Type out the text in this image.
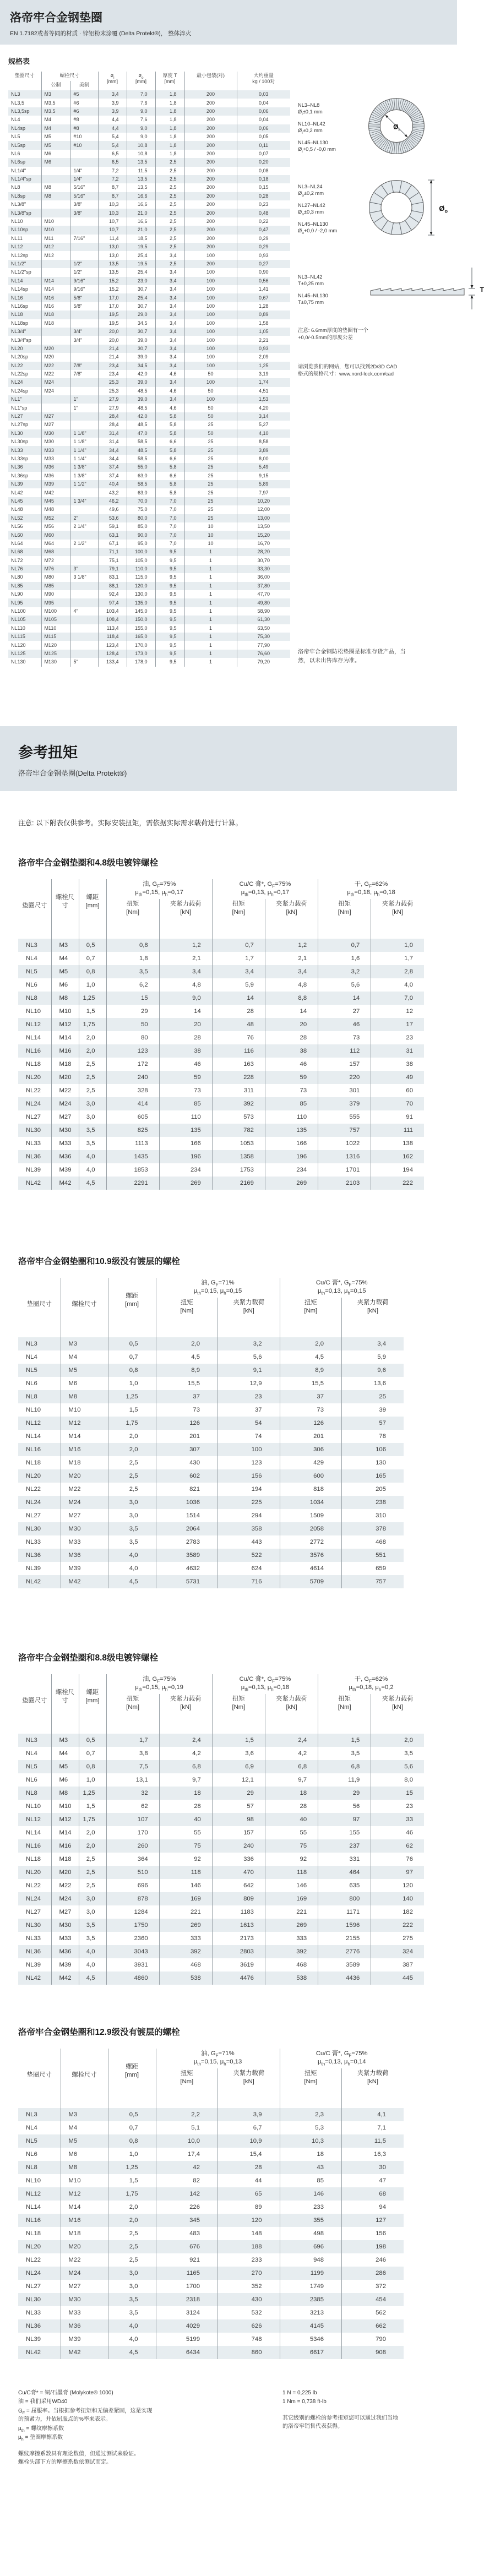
洛帝牢合金钢垫圈

EN 1.7182或者等同的材质 · 锌铝粉末涂覆 (Delta Protekt®)， 整体淬火

规格表
垫圈尺寸	螺栓尺寸		$ø_i$
[mm]	$ø_o$
[mm]	厚度 T
[mm]	最小包装(对)	大约重量
kg / 100对
	公制	美制					
NL3	M3	#5	3,4	7,0	1,8	200	0,03
NL3,5	M3,5	#6	3,9	7,6	1,8	200	0,04
NL3,5sp	M3,5	#6	3,9	9,0	1,8	200	0,06
NL4	M4	#8	4,4	7,6	1,8	200	0,04
NL4sp	M4	#8	4,4	9,0	1,8	200	0,06
NL5	M5	#10	5,4	9,0	1,8	200	0,05
NL5sp	M5	#10	5,4	10,8	1,8	200	0,11
NL6	M6		6,5	10,8	1,8	200	0,07
NL6sp	M6		6,5	13,5	2,5	200	0,20
NL1/4"		1/4"	7,2	11,5	2,5	200	0,08
NL1/4"sp		1/4"	7,2	13,5	2,5	200	0,18
NL8	M8	5/16"	8,7	13,5	2,5	200	0,15
NL8sp	M8	5/16"	8,7	16,6	2,5	200	0,28
NL3/8"		3/8"	10,3	16,6	2,5	200	0,23
NL3/8"sp		3/8"	10,3	21,0	2,5	200	0,48
NL10	M10		10,7	16,6	2,5	200	0,22
NL10sp	M10		10,7	21,0	2,5	200	0,47
NL11	M11	7/16"	11,4	18,5	2,5	200	0,29
NL12	M12		13,0	19,5	2,5	200	0,29
NL12sp	M12		13,0	25,4	3,4	100	0,93
NL1/2"		1/2"	13,5	19,5	2,5	200	0,27
NL1/2"sp		1/2"	13,5	25,4	3,4	100	0,90
NL14	M14	9/16"	15,2	23,0	3,4	100	0,56
NL14sp	M14	9/16"	15,2	30,7	3,4	100	1,41
NL16	M16	5/8"	17,0	25,4	3,4	100	0,67
NL16sp	M16	5/8"	17,0	30,7	3,4	100	1,28
NL18	M18		19,5	29,0	3,4	100	0,89
NL18sp	M18		19,5	34,5	3,4	100	1,58
NL3/4"		3/4"	20,0	30,7	3,4	100	1,05
NL3/4"sp		3/4"	20,0	39,0	3,4	100	2,21
NL20	M20		21,4	30,7	3,4	100	0,93
NL20sp	M20		21,4	39,0	3,4	100	2,09
NL22	M22	7/8"	23,4	34,5	3,4	100	1,25
NL22sp	M22	7/8"	23,4	42,0	4,6	50	3,19
NL24	M24		25,3	39,0	3,4	100	1,74
NL24sp	M24		25,3	48,5	4,6	50	4,51
NL1"		1"	27,9	39,0	3,4	100	1,53
NL1"sp		1"	27,9	48,5	4,6	50	4,20
NL27	M27		28,4	42,0	5,8	50	3,14
NL27sp	M27		28,4	48,5	5,8	25	5,27
NL30	M30	1 1/8"	31,4	47,0	5,8	50	4,10
NL30sp	M30	1 1/8"	31,4	58,5	6,6	25	8,58
NL33	M33	1 1/4"	34,4	48,5	5,8	25	3,89
NL33sp	M33	1 1/4"	34,4	58,5	6,6	25	8,00
NL36	M36	1 3/8"	37,4	55,0	5,8	25	5,49
NL36sp	M36	1 3/8"	37,4	63,0	6,6	25	9,15
NL39	M39	1 1/2"	40,4	58,5	5,8	25	5,89
NL42	M42		43,2	63,0	5,8	25	7,97
NL45	M45	1 3/4"	46,2	70,0	7,0	25	10,20
NL48	M48		49,6	75,0	7,0	25	12,00
NL52	M52	2"	53,6	80,0	7,0	25	13,00
NL56	M56	2 1/4"	59,1	85,0	7,0	10	13,50
NL60	M60		63,1	90,0	7,0	10	15,20
NL64	M64	2 1/2"	67,1	95,0	7,0	10	16,70
NL68	M68		71,1	100,0	9,5	1	28,20
NL72	M72		75,1	105,0	9,5	1	30,70
NL76	M76	3"	79,1	110,0	9,5	1	33,30
NL80	M80	3 1/8"	83,1	115,0	9,5	1	36,00
NL85	M85		88,1	120,0	9,5	1	37,80
NL90	M90		92,4	130,0	9,5	1	47,70
NL95	M95		97,4	135,0	9,5	1	49,80
NL100	M100	4"	103,4	145,0	9,5	1	58,90
NL105	M105		108,4	150,0	9,5	1	61,30
NL110	M110		113,4	155,0	9,5	1	63,50
NL115	M115		118,4	165,0	9,5	1	75,30
NL120	M120		123,4	170,0	9,5	1	77,90
NL125	M125		128,4	173,0	9,5	1	76,60
NL130	M130	5"	133,4	178,0	9,5	1	79,20
NL3–NL8
$Ø_i\pm 0,1$ mm
NL10–NL42
$Ø_i\pm 0,2$ mm
NL45–NL130
$Ø_i+0,5 / -0,0$ mm
$Ø_i$
NL3–NL24
$Ø_o\pm 0,2$ mm
NL27–NL42
$Ø_o\pm 0,3$ mm
NL45–NL130
$Ø_o+0,0 / -2,0$ mm
$Ø_o$
NL3–NL42
T±0,25 mm
NL45–NL130
T±0,75 mm
T

注意: 6.6mm厚度的垫圈有一个
+0,0/-0.5mm的厚度公差

请浏览我们的网站，您可以找到2D/3D CAD
格式的规格尺寸：www.nord-lock.com/cad

洛帝牢合金钢防松垫圈是标准存货产品，当
然，以未出售库存为准。

参考扭矩

洛帝牢合金钢垫圈(Delta Protekt®)

注意: 以下附表仅供参考。实际安装扭矩，需依据实际需求载荷进行计算。

洛帝牢合金钢垫圈和4.8级电镀锌螺栓
垫圈尺寸	螺栓尺寸	螺距
[mm]	油, $G_F=75\%$
$\mu_{th}=0,15$, $\mu_h=0,17$		Cu/C 膏*, $G_F=75\%$
$\mu_{th}=0,13$, $\mu_h=0,17$		干, $G_F=62\%$
$\mu_{th}=0,18$, $\mu_h=0,18$	
			扭矩
[Nm]	夹紧力载荷
[kN]	扭矩
[Nm]	夹紧力载荷
[kN]	扭矩
[Nm]	夹紧力载荷
[kN]
NL3	M3	0,5	0,8	1,2	0,7	1,2	0,7	1,0
NL4	M4	0,7	1,8	2,1	1,7	2,1	1,6	1,7
NL5	M5	0,8	3,5	3,4	3,4	3,4	3,2	2,8
NL6	M6	1,0	6,2	4,8	5,9	4,8	5,6	4,0
NL8	M8	1,25	15	9,0	14	8,8	14	7,0
NL10	M10	1,5	29	14	28	14	27	12
NL12	M12	1,75	50	20	48	20	46	17
NL14	M14	2,0	80	28	76	28	73	23
NL16	M16	2,0	123	38	116	38	112	31
NL18	M18	2,5	172	46	163	46	157	38
NL20	M20	2,5	240	59	228	59	220	49
NL22	M22	2,5	328	73	311	73	301	60
NL24	M24	3,0	414	85	392	85	379	70
NL27	M27	3,0	605	110	573	110	555	91
NL30	M30	3,5	825	135	782	135	757	111
NL33	M33	3,5	1113	166	1053	166	1022	138
NL36	M36	4,0	1435	196	1358	196	1316	162
NL39	M39	4,0	1853	234	1753	234	1701	194
NL42	M42	4,5	2291	269	2169	269	2103	222
洛帝牢合金钢垫圈和10.9级没有镀层的螺栓
垫圈尺寸	螺栓尺寸	螺距
[mm]	油, $G_F=71\%$
$\mu_{th}=0,15$, $\mu_h=0,15$		Cu/C 膏*, $G_F=75\%$
$\mu_{th}=0,13$, $\mu_h=0,15$	
			扭矩
[Nm]	夹紧力载荷
[kN]	扭矩
[Nm]	夹紧力载荷
[kN]
NL3	M3	0,5	2,0	3,2	2,0	3,4
NL4	M4	0,7	4,5	5,6	4,5	5,9
NL5	M5	0,8	8,9	9,1	8,9	9,6
NL6	M6	1,0	15,5	12,9	15,5	13,6
NL8	M8	1,25	37	23	37	25
NL10	M10	1,5	73	37	73	39
NL12	M12	1,75	126	54	126	57
NL14	M14	2,0	201	74	201	78
NL16	M16	2,0	307	100	306	106
NL18	M18	2,5	430	123	429	130
NL20	M20	2,5	602	156	600	165
NL22	M22	2,5	821	194	818	205
NL24	M24	3,0	1036	225	1034	238
NL27	M27	3,0	1514	294	1509	310
NL30	M30	3,5	2064	358	2058	378
NL33	M33	3,5	2783	443	2772	468
NL36	M36	4,0	3589	522	3576	551
NL39	M39	4,0	4632	624	4614	659
NL42	M42	4,5	5731	716	5709	757
洛帝牢合金钢垫圈和8.8级电镀锌螺栓
垫圈尺寸	螺栓尺寸	螺距
[mm]	油, $G_F=75\%$
$\mu_{th}=0,15$, $\mu_h=0,19$		Cu/C 膏*, $G_F=75\%$
$\mu_{th}=0,13$, $\mu_h=0,18$		干, $G_F=62\%$
$\mu_{th}=0,18$, $\mu_h=0,2$	
			扭矩
[Nm]	夹紧力载荷
[kN]	扭矩
[Nm]	夹紧力载荷
[kN]	扭矩
[Nm]	夹紧力载荷
[kN]
NL3	M3	0,5	1,7	2,4	1,5	2,4	1,5	2,0
NL4	M4	0,7	3,8	4,2	3,6	4,2	3,5	3,5
NL5	M5	0,8	7,5	6,8	6,9	6,8	6,8	5,6
NL6	M6	1,0	13,1	9,7	12,1	9,7	11,9	8,0
NL8	M8	1,25	32	18	29	18	29	15
NL10	M10	1,5	62	28	57	28	56	23
NL12	M12	1,75	107	40	98	40	97	33
NL14	M14	2,0	170	55	157	55	155	46
NL16	M16	2,0	260	75	240	75	237	62
NL18	M18	2,5	364	92	336	92	331	76
NL20	M20	2,5	510	118	470	118	464	97
NL22	M22	2,5	696	146	642	146	635	120
NL24	M24	3,0	878	169	809	169	800	140
NL27	M27	3,0	1284	221	1183	221	1171	182
NL30	M30	3,5	1750	269	1613	269	1596	222
NL33	M33	3,5	2360	333	2173	333	2155	275
NL36	M36	4,0	3043	392	2803	392	2776	324
NL39	M39	4,0	3931	468	3619	468	3589	387
NL42	M42	4,5	4860	538	4476	538	4436	445
洛帝牢合金钢垫圈和12.9级没有镀层的螺栓
垫圈尺寸	螺栓尺寸	螺距
[mm]	油, $G_F=71\%$
$\mu_{th}=0,15$, $\mu_h=0,13$		Cu/C 膏*, $G_F=75\%$
$\mu_{th}=0,13$, $\mu_h=0,14$	
			扭矩
[Nm]	夹紧力载荷
[kN]	扭矩
[Nm]	夹紧力载荷
[kN]
NL3	M3	0,5	2,2	3,9	2,3	4,1
NL4	M4	0,7	5,1	6,7	5,3	7,1
NL5	M5	0,8	10,0	10,9	10,3	11,5
NL6	M6	1,0	17,4	15,4	18	16,3
NL8	M8	1,25	42	28	43	30
NL10	M10	1,5	82	44	85	47
NL12	M12	1,75	142	65	146	68
NL14	M14	2,0	226	89	233	94
NL16	M16	2,0	345	120	355	127
NL18	M18	2,5	483	148	498	156
NL20	M20	2,5	676	188	696	198
NL22	M22	2,5	921	233	948	246
NL24	M24	3,0	1165	270	1199	286
NL27	M27	3,0	1700	352	1749	372
NL30	M30	3,5	2318	430	2385	454
NL33	M33	3,5	3124	532	3213	562
NL36	M36	4,0	4029	626	4145	662
NL39	M39	4,0	5199	748	5346	790
NL42	M42	4,5	6434	860	6617	908
Cu/C膏* = 铜/石墨膏 (Molykote® 1000)
油 = 我们采用WD40
$G_F$ = 屈服率。当根据参考扭矩和无偏差紧固，这是实现
的预紧力，并依屈服点的%率来表示。
$\mu_{th}$ = 螺纹摩擦系数
$\mu_h$ = 垫圈摩擦系数
螺纹摩擦系数具有理论数值，但通过测试来验证。
螺栓头部下方的摩擦系数依测试而定。
1 N = 0,225 lb
1 Nm = 0,738 ft-lb
其它级别的螺栓的参考扭矩您可以通过我们当地
的洛帝牢销售代表获得。
